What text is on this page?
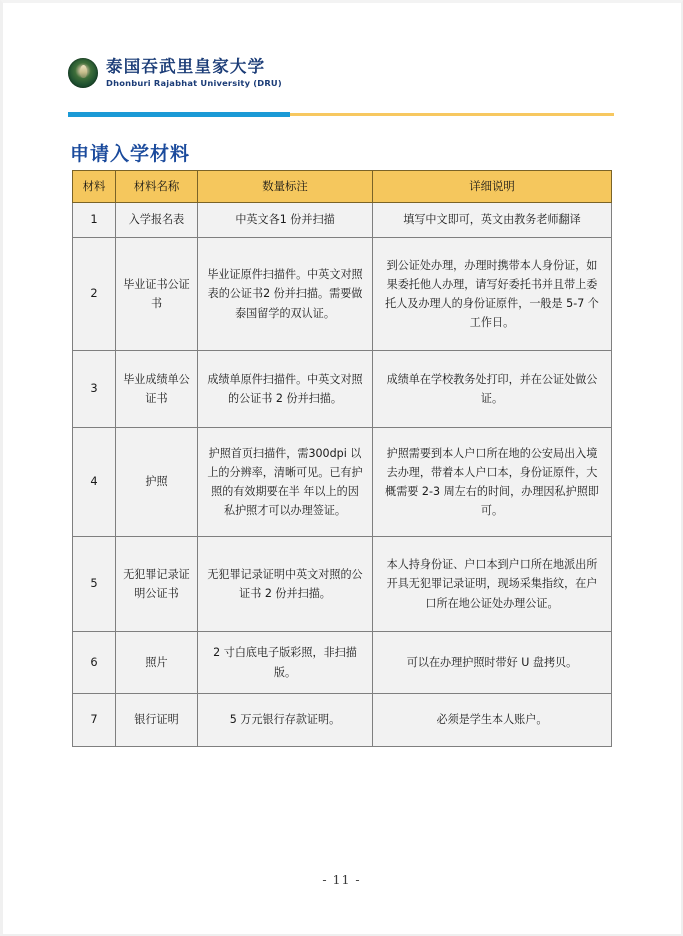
泰国吞武里皇家大学
Dhonburi Rajabhat University (DRU)
申请入学材料
材料	材料名称	数量标注	详细说明
1	入学报名表	中英文各1 份并扫描	填写中文即可，英文由教务老师翻译
2	毕业证书公证书	毕业证原件扫描件。中英文对照表的公证书2 份并扫描。需要做泰国留学的双认证。	到公证处办理，办理时携带本人身份证，如果委托他人办理，请写好委托书并且带上委托人及办理人的身份证原件，一般是 5-7 个工作日。
3	毕业成绩单公证书	成绩单原件扫描件。中英文对照的公证书 2 份并扫描。	成绩单在学校教务处打印，并在公证处做公证。
4	护照	护照首页扫描件，需300dpi 以上的分辨率，清晰可见。已有护照的有效期要在半 年以上的因私护照才可以办理签证。	护照需要到本人户口所在地的公安局出入境去办理，带着本人户口本，身份证原件，大概需要 2-3 周左右的时间，办理因私护照即可。
5	无犯罪记录证明公证书	无犯罪记录证明中英文对照的公证书 2 份并扫描。	本人持身份证、户口本到户口所在地派出所开具无犯罪记录证明，现场采集指纹，在户口所在地公证处办理公证。
6	照片	2 寸白底电子版彩照，非扫描版。	可以在办理护照时带好 U 盘拷贝。
7	银行证明	5 万元银行存款证明。	必须是学生本人账户。
- 11 -
